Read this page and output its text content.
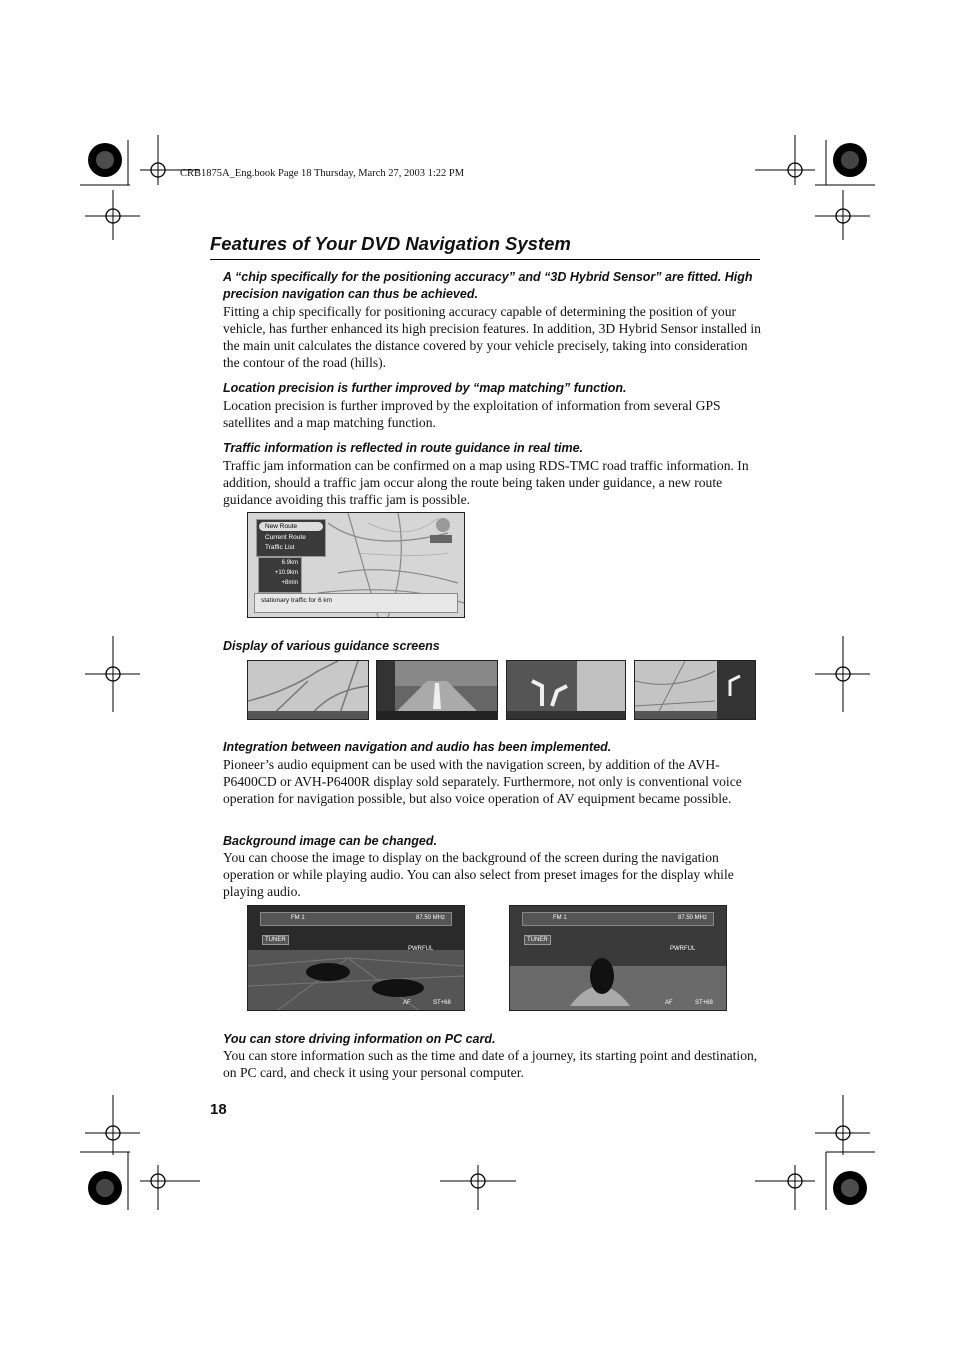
CRB1875A_Eng.book Page 18 Thursday, March 27, 2003 1:22 PM
Features of Your DVD Navigation System
A “chip specifically for the positioning accuracy” and “3D Hybrid Sensor” are fitted. High precision navigation can thus be achieved.
Fitting a chip specifically for positioning accuracy capable of determining the position of your vehicle, has further enhanced its high precision features. In addition, 3D Hybrid Sensor installed in the main unit calculates the distance covered by your vehicle precisely, taking into consideration the contour of the road (hills).
Location precision is further improved by “map matching” function.
Location precision is further improved by the exploitation of information from several GPS satellites and a map matching function.
Traffic information is reflected in route guidance in real time.
Traffic jam information can be confirmed on a map using RDS-TMC road traffic information. In addition, should a traffic jam occur along the route being taken under guidance, a new route guidance avoiding this traffic jam is possible.
New Route
Current Route
Traffic List
6.9km
+10.9km
+8min
stationary traffic for 6 km
Display of various guidance screens
Integration between navigation and audio has been implemented.
Pioneer’s audio equipment can be used with the navigation screen, by addition of the AVH-P6400CD or AVH-P6400R display sold separately. Furthermore, not only is conventional voice operation for navigation possible, but also voice operation of AV equipment became possible.
Background image can be changed.
You can choose the image to display on the background of the screen during the navigation operation or while playing audio. You can also select from preset images for the display while playing audio.
FM 1	87.50 MHz
TUNER
PWRFUL
AF	ST+68
FM 1	87.50 MHz
TUNER
PWRFUL
AF	ST+68
You can store driving information on PC card.
You can store information such as the time and date of a journey, its starting point and destination, on PC card, and check it using your personal computer.
18
